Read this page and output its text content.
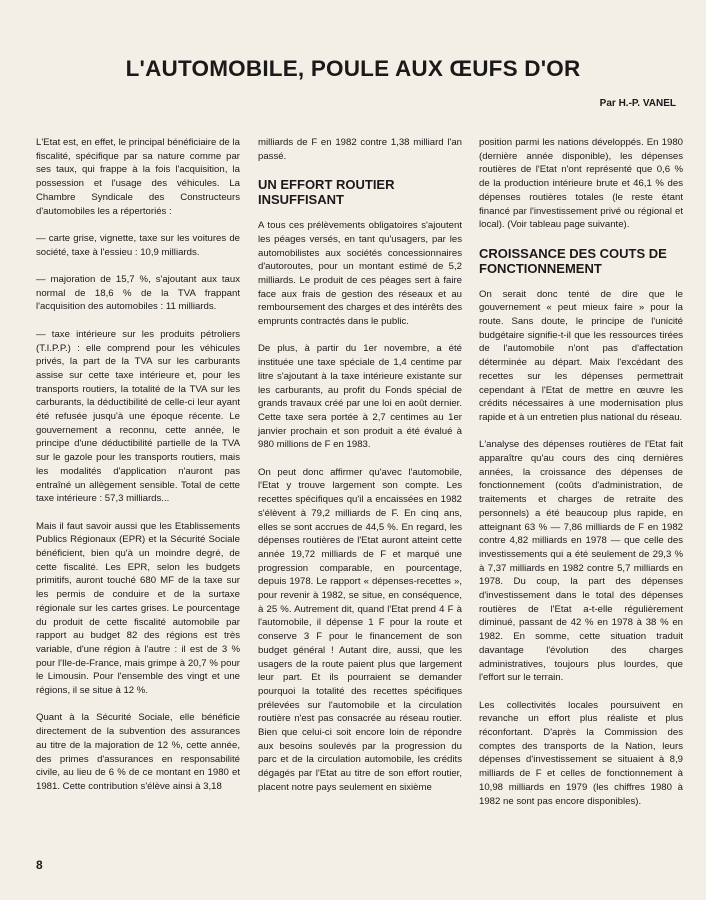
L'AUTOMOBILE, POULE AUX ŒUFS D'OR
Par H.-P. VANEL

L'Etat est, en effet, le principal bénéficiaire de la fiscalité, spécifique par sa nature comme par ses taux, qui frappe à la fois l'acquisition, la possession et l'usage des véhicules. La Chambre Syndicale des Constructeurs d'automobiles les a répertoriés :

— carte grise, vignette, taxe sur les voitures de société, taxe à l'essieu : 10,9 milliards.

— majoration de 15,7 %, s'ajoutant aux taux normal de 18,6 % de la TVA frappant l'acquisition des automobiles : 11 milliards.

— taxe intérieure sur les produits pétroliers (T.I.P.P.) : elle comprend pour les véhicules privés, la part de la TVA sur les carburants assise sur cette taxe intérieure et, pour les transports routiers, la totalité de la TVA sur les carburants, la déductibilité de celle-ci leur ayant été refusée jusqu'à une époque récente. Le gouvernement a reconnu, cette année, le principe d'une déductibilité partielle de la TVA sur le gazole pour les transports routiers, mais les modalités d'application n'auront pas entraîné un allègement sensible. Total de cette taxe intérieure : 57,3 milliards...

Mais il faut savoir aussi que les Etablissements Publics Régionaux (EPR) et la Sécurité Sociale bénéficient, bien qu'à un moindre degré, de cette fiscalité. Les EPR, selon les budgets primitifs, auront touché 680 MF de la taxe sur les permis de conduire et de la surtaxe régionale sur les cartes grises. Le pourcentage du produit de cette fiscalité automobile par rapport au budget 82 des régions est très variable, d'une région à l'autre : il est de 3 % pour l'Ile-de-France, mais grimpe à 20,7 % pour le Limousin. Pour l'ensemble des vingt et une régions, il se situe à 12 %.

Quant à la Sécurité Sociale, elle bénéficie directement de la subvention des assurances au titre de la majoration de 12 %, cette année, des primes d'assurances en responsabilité civile, au lieu de 6 % de ce montant en 1980 et 1981. Cette contribution s'élève ainsi à 3,18

milliards de F en 1982 contre 1,38 milliard l'an passé.

UN EFFORT ROUTIER INSUFFISANT

A tous ces prélèvements obligatoires s'ajoutent les péages versés, en tant qu'usagers, par les automobilistes aux sociétés concessionnaires d'autoroutes, pour un montant estimé de 5,2 milliards. Le produit de ces péages sert à faire face aux frais de gestion des réseaux et au remboursement des charges et des intérêts des emprunts contractés dans le public.

De plus, à partir du 1er novembre, a été instituée une taxe spéciale de 1,4 centime par litre s'ajoutant à la taxe intérieure existante sur les carburants, au profit du Fonds spécial de grands travaux créé par une loi en août dernier. Cette taxe sera portée à 2,7 centimes au 1er janvier prochain et son produit a été évalué à 980 millions de F en 1983.

On peut donc affirmer qu'avec l'automobile, l'Etat y trouve largement son compte. Les recettes spécifiques qu'il a encaissées en 1982 s'élèvent à 79,2 milliards de F. En cinq ans, elles se sont accrues de 44,5 %. En regard, les dépenses routières de l'Etat auront atteint cette année 19,72 milliards de F et marqué une progression comparable, en pourcentage, depuis 1978. Le rapport « dépenses-recettes », pour revenir à 1982, se situe, en conséquence, à 25 %. Autrement dit, quand l'Etat prend 4 F à l'automobile, il dépense 1 F pour la route et conserve 3 F pour le financement de son budget général ! Autant dire, aussi, que les usagers de la route paient plus que largement leur part. Et ils pourraient se demander pourquoi la totalité des recettes spécifiques prélevées sur l'automobile et la circulation routière n'est pas consacrée au réseau routier. Bien que celui-ci soit encore loin de répondre aux besoins soulevés par la progression du parc et de la circulation automobile, les crédits dégagés par l'Etat au titre de son effort routier, placent notre pays seulement en sixième

position parmi les nations développés. En 1980 (dernière année disponible), les dépenses routières de l'Etat n'ont représenté que 0,6 % de la production intérieure brute et 46,1 % des dépenses routières totales (le reste étant financé par l'investissement privé ou régional et local). (Voir tableau page suivante).

CROISSANCE DES COUTS DE FONCTIONNEMENT

On serait donc tenté de dire que le gouvernement « peut mieux faire » pour la route. Sans doute, le principe de l'unicité budgétaire signifie-t-il que les ressources tirées de l'automobile n'ont pas d'affectation déterminée au départ. Maix l'excédant des recettes sur les dépenses permettrait cependant à l'Etat de mettre en œuvre les crédits nécessaires à une modernisation plus rapide et à un entretien plus national du réseau.

L'analyse des dépenses routières de l'Etat fait apparaître qu'au cours des cinq dernières années, la croissance des dépenses de fonctionnement (coûts d'administration, de traitements et charges de retraite des personnels) a été beaucoup plus rapide, en atteignant 63 % — 7,86 milliards de F en 1982 contre 4,82 milliards en 1978 — que celle des investissements qui a été seulement de 29,3 % à 7,37 milliards en 1982 contre 5,7 milliards en 1978. Du coup, la part des dépenses d'investissement dans le total des dépenses routières de l'Etat a-t-elle régulièrement diminué, passant de 42 % en 1978 à 38 % en 1982. En somme, cette situation traduit davantage l'évolution des charges administratives, toujours plus lourdes, que l'effort sur le terrain.

Les collectivités locales poursuivent en revanche un effort plus réaliste et plus réconfortant. D'après la Commission des comptes des transports de la Nation, leurs dépenses d'investissement se situaient à 8,9 milliards de F et celles de fonctionnement à 10,98 milliards en 1979 (les chiffres 1980 à 1982 ne sont pas encore disponibles).

8
